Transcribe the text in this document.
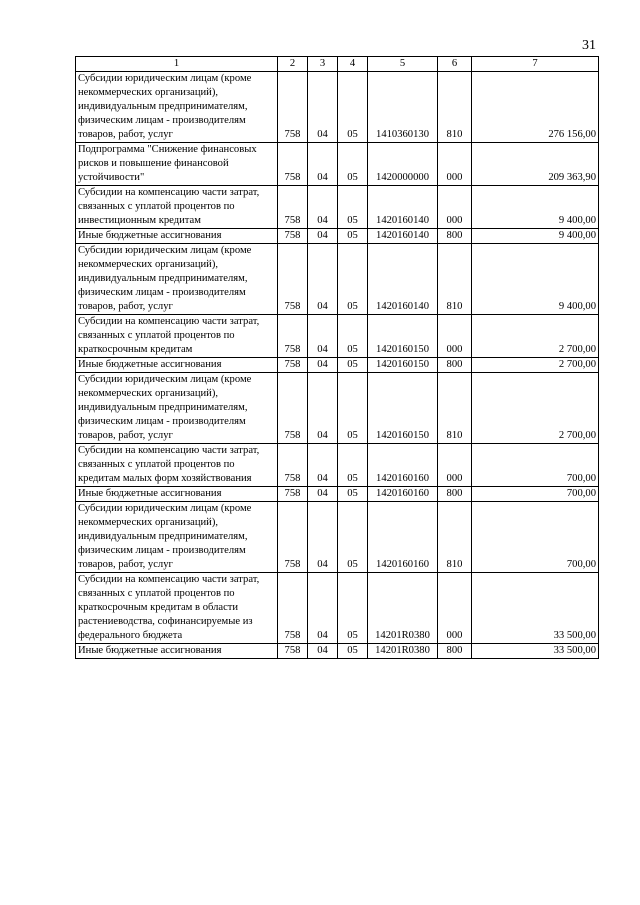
31
1	2	3	4	5	6	7
Субсидии юридическим лицам (кроме некоммерческих организаций), индивидуальным предпринимателям, физическим лицам - производителям товаров, работ, услуг	758	04	05	1410360130	810	276 156,00
Подпрограмма "Снижение финансовых рисков и повышение финансовой устойчивости"	758	04	05	1420000000	000	209 363,90
Субсидии на компенсацию части затрат, связанных с уплатой процентов по инвестиционным кредитам	758	04	05	1420160140	000	9 400,00
Иные бюджетные ассигнования	758	04	05	1420160140	800	9 400,00
Субсидии юридическим лицам (кроме некоммерческих организаций), индивидуальным предпринимателям, физическим лицам - производителям товаров, работ, услуг	758	04	05	1420160140	810	9 400,00
Субсидии на компенсацию части затрат, связанных с уплатой процентов по краткосрочным кредитам	758	04	05	1420160150	000	2 700,00
Иные бюджетные ассигнования	758	04	05	1420160150	800	2 700,00
Субсидии юридическим лицам (кроме некоммерческих организаций), индивидуальным предпринимателям, физическим лицам - производителям товаров, работ, услуг	758	04	05	1420160150	810	2 700,00
Субсидии на компенсацию части затрат, связанных с уплатой процентов по кредитам малых форм хозяйствования	758	04	05	1420160160	000	700,00
Иные бюджетные ассигнования	758	04	05	1420160160	800	700,00
Субсидии юридическим лицам (кроме некоммерческих организаций), индивидуальным предпринимателям, физическим лицам - производителям товаров, работ, услуг	758	04	05	1420160160	810	700,00
Субсидии на компенсацию части затрат, связанных с уплатой процентов по краткосрочным кредитам в области растениеводства, софинансируемые из федерального бюджета	758	04	05	14201R0380	000	33 500,00
Иные бюджетные ассигнования	758	04	05	14201R0380	800	33 500,00
